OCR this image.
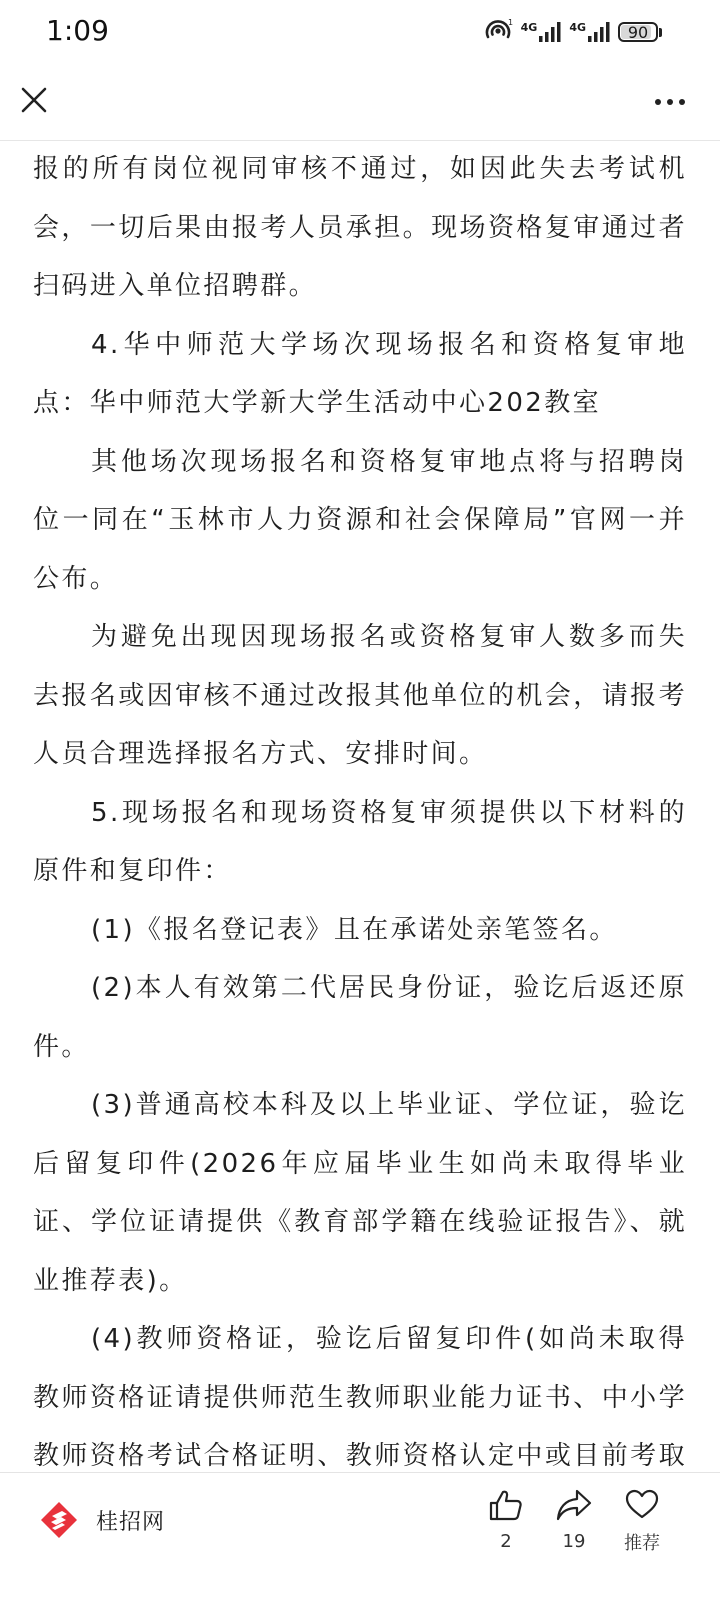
1:09	1 4G	4G	90

报的所有岗位视同审核不通过，如因此失去考试机会，一切后果由报考人员承担。现场资格复审通过者扫码进入单位招聘群。

4.华中师范大学场次现场报名和资格复审地点：华中师范大学新大学生活动中心202教室

其他场次现场报名和资格复审地点将与招聘岗位一同在“玉林市人力资源和社会保障局”官网一并公布。

为避免出现因现场报名或资格复审人数多而失去报名或因审核不通过改报其他单位的机会，请报考人员合理选择报名方式、安排时间。

5.现场报名和现场资格复审须提供以下材料的原件和复印件：

(1)《报名登记表》且在承诺处亲笔签名。

(2)本人有效第二代居民身份证，验讫后返还原件。

(3)普通高校本科及以上毕业证、学位证，验讫后留复印件(2026年应届毕业生如尚未取得毕业证、学位证请提供《教育部学籍在线验证报告》、就业推荐表)。

(4)教师资格证，验讫后留复印件(如尚未取得教师资格证请提供师范生教师职业能力证书、中小学教师资格考试合格证明、教师资格认定中或目前考取

桂招网
2	19 推荐
